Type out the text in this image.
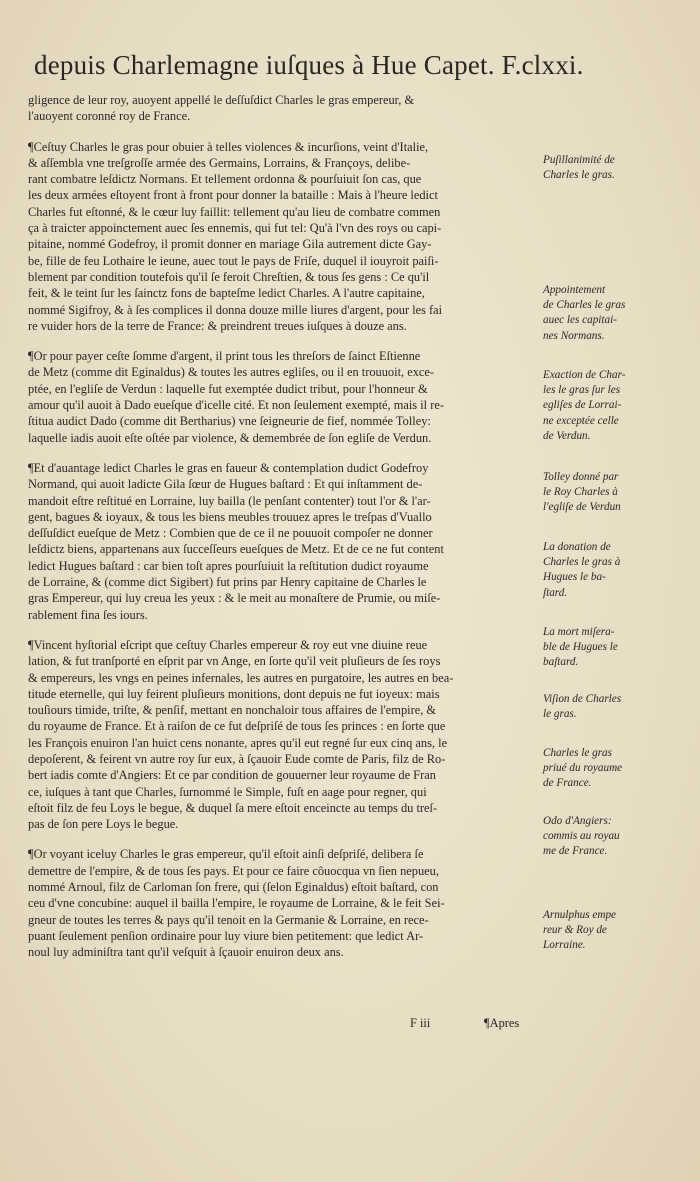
depuis Charlemagne iuſques à Hue Capet. F.clxxi.
gligence de leur roy, auoyent appellé le deſſuſdict Charles le gras empereur, &
l'auoyent coronné roy de France.
¶Ceſtuy Charles le gras pour obuier à telles violences & incurſions, veint d'Italie,
& aſſembla vne treſgroſſe armée des Germains, Lorrains, & Françoys, delibe-
rant combatre leſdictz Normans. Et tellement ordonna & pourſuiuit ſon cas, que
les deux armées eſtoyent front à front pour donner la bataille : Mais à l'heure ledict
Charles fut eſtonné, & le cœur luy faillit: tellement qu'au lieu de combatre commen
ça à traicter appoinctement auec ſes ennemis, qui fut tel: Qu'à l'vn des roys ou capi-
pitaine, nommé Godefroy, il promit donner en mariage Gila autrement dicte Gay-
be, fille de feu Lothaire le ieune, auec tout le pays de Friſe, duquel il iouyroit paiſi-
blement par condition toutefois qu'il ſe feroit Chreſtien, & tous ſes gens : Ce qu'il
feit, & le teint ſur les ſainctz fons de bapteſme ledict Charles. A l'autre capitaine,
nommé Sigifroy, & à ſes complices il donna douze mille liures d'argent, pour les fai
re vuider hors de la terre de France: & preindrent treues iuſques à douze ans.
¶Or pour payer ceſte ſomme d'argent, il print tous les threſors de ſainct Eſtienne
de Metz (comme dit Eginaldus) & toutes les autres egliſes, ou il en trouuoit, exce-
ptée, en l'egliſe de Verdun : laquelle fut exemptée dudict tribut, pour l'honneur &
amour qu'il auoit à Dado eueſque d'icelle cité. Et non ſeulement exempté, mais il re-
ſtitua audict Dado (comme dit Bertharius) vne ſeigneurie de fief, nommée Tolley:
laquelle iadis auoit eſte oſtée par violence, & demembrée de ſon egliſe de Verdun.
¶Et d'auantage ledict Charles le gras en faueur & contemplation dudict Godefroy
Normand, qui auoit ladicte Gila ſœur de Hugues baſtard : Et qui inſtamment de-
mandoit eſtre reſtitué en Lorraine, luy bailla (le penſant contenter) tout l'or & l'ar-
gent, bagues & ioyaux, & tous les biens meubles trouuez apres le treſpas d'Vuallo
deſſuſdict eueſque de Metz : Combien que de ce il ne pouuoit compoſer ne donner
leſdictz biens, appartenans aux ſucceſſeurs eueſques de Metz. Et de ce ne fut content
ledict Hugues baſtard : car bien toſt apres pourſuiuit la reſtitution dudict royaume
de Lorraine, & (comme dict Sigibert) fut prins par Henry capitaine de Charles le
gras Empereur, qui luy creua les yeux : & le meit au monaſtere de Prumie, ou miſe-
rablement fina ſes iours.
¶Vincent hyſtorial eſcript que ceſtuy Charles empereur & roy eut vne diuine reue
lation, & fut tranſporté en eſprit par vn Ange, en ſorte qu'il veit pluſieurs de ſes roys
& empereurs, les vngs en peines infernales, les autres en purgatoire, les autres en bea-
titude eternelle, qui luy feirent pluſieurs monitions, dont depuis ne fut ioyeux: mais
touſiours timide, triſte, & penſif, mettant en nonchaloir tous affaires de l'empire, &
du royaume de France. Et à raiſon de ce fut deſpriſé de tous ſes princes : en ſorte que
les François enuiron l'an huict cens nonante, apres qu'il eut regné ſur eux cinq ans, le
depoſerent, & feirent vn autre roy ſur eux, à ſçauoir Eude comte de Paris, filz de Ro-
bert iadis comte d'Angiers: Et ce par condition de gouuerner leur royaume de Fran
ce, iuſques à tant que Charles, ſurnommé le Simple, fuſt en aage pour regner, qui
eſtoit filz de feu Loys le begue, & duquel ſa mere eſtoit enceincte au temps du treſ-
pas de ſon pere Loys le begue.
¶Or voyant iceluy Charles le gras empereur, qu'il eſtoit ainſi deſpriſé, delibera ſe
demettre de l'empire, & de tous ſes pays. Et pour ce faire côuocqua vn ſien nepueu,
nommé Arnoul, filz de Carloman ſon frere, qui (ſelon Eginaldus) eſtoit baſtard, con
ceu d'vne concubine: auquel il bailla l'empire, le royaume de Lorraine, & le feit Sei-
gneur de toutes les terres & pays qu'il tenoit en la Germanie & Lorraine, en rece-
puant ſeulement penſion ordinaire pour luy viure bien petitement: que ledict Ar-
noul luy adminiſtra tant qu'il veſquit à ſçauoir enuiron deux ans.
Puſillanimité de
Charles le gras.
Appointement
de Charles le gras
auec les capitai-
nes Normans.
Exaction de Char-
les le gras ſur les
egliſes de Lorrai-
ne exceptée celle
de Verdun.
Tolley donné par
le Roy Charles à
l'egliſe de Verdun
La donation de
Charles le gras à
Hugues le ba-
ſtard.
La mort miſera-
ble de Hugues le
baſtard.
Viſion de Charles
le gras.
Charles le gras
priué du royaume
de France.
Odo d'Angiers:
commis au royau
me de France.
Arnulphus empe
reur & Roy de
Lorraine.
F iii	¶Apres
